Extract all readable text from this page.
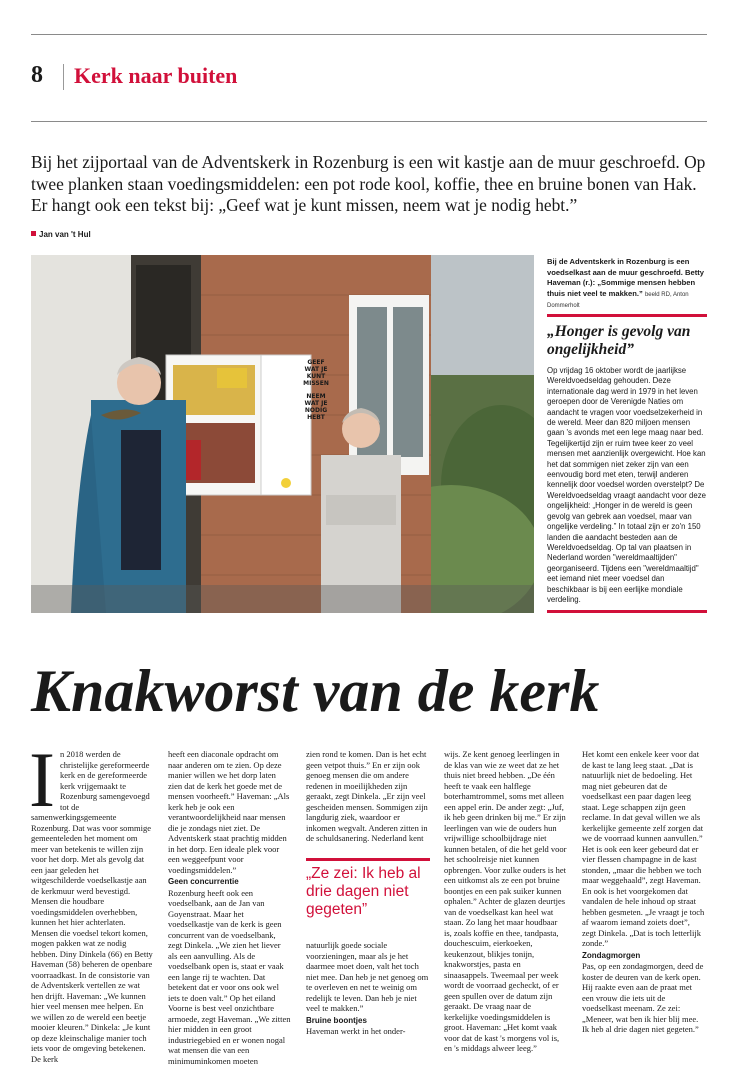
8 Kerk naar buiten

Bij het zijportaal van de Adventskerk in Rozenburg is een wit kastje aan de muur geschroefd. Op twee planken staan voedingsmiddelen: een pot rode kool, koffie, thee en bruine bonen van Hak. Er hangt ook een tekst bij: „Geef wat je kunt missen, neem wat je nodig hebt.”

Jan van 't Hul
GEEF
WAT JE
KUNT
MISSEN
NEEM
WAT JE
NODIG
HEBT
Bij de Adventskerk in Rozenburg is een voedselkast aan de muur geschroefd. Betty Haveman (r.): „Sommige mensen hebben thuis niet veel te makken.” beeld RD, Anton Dommerholt
„Honger is gevolg van ongelijkheid”

Op vrijdag 16 oktober wordt de jaarlijkse Wereldvoedseldag gehouden. Deze internationale dag werd in 1979 in het leven geroepen door de Verenigde Naties om aandacht te vragen voor voedselzekerheid in de wereld. Meer dan 820 miljoen mensen gaan 's avonds met een lege maag naar bed. Tegelijkertijd zijn er ruim twee keer zo veel mensen met aanzienlijk overgewicht. Hoe kan het dat sommigen niet zeker zijn van een eenvoudig bord met eten, terwijl anderen kennelijk door voedsel worden overstelpt? De Wereldvoedseldag vraagt aandacht voor deze ongelijkheid: „Honger in de wereld is geen gevolg van gebrek aan voedsel, maar van ongelijke verdeling.” In totaal zijn er zo'n 150 landen die aandacht besteden aan de Wereldvoedseldag. Op tal van plaatsen in Nederland worden "wereldmaaltijden" georganiseerd. Tijdens een "wereldmaaltijd" eet iemand niet meer voedsel dan beschikbaar is bij een eerlijke mondiale verdeling.

Knakworst van de kerk
I n 2018 werden de christelijke gereformeerde kerk en de gereformeerde kerk vrijgemaakt te Rozenburg samengevoegd tot de samenwerkingsgemeente Rozenburg. Dat was voor sommige gemeenteleden het moment om meer van betekenis te willen zijn voor het dorp. Met als gevolg dat een jaar geleden het witgeschilderde voedselkastje aan de kerkmuur werd bevestigd. Mensen die houdbare voedingsmiddelen overhebben, kunnen het hier achterlaten. Mensen die voedsel tekort komen, mogen pakken wat ze nodig hebben. Diny Dinkela (66) en Betty Haveman (58) beheren de openbare voorraadkast. In de consistorie van de Adventskerk vertellen ze wat hen drijft. Haveman: „We kunnen hier veel mensen mee helpen. En we willen zo de wereld een beetje mooier kleuren.” Dinkela: „Je kunt op deze kleinschalige manier toch iets voor de omgeving betekenen. De kerk

heeft een diaconale opdracht om naar anderen om te zien. Op deze manier willen we het dorp laten zien dat de kerk het goede met de mensen voorheeft.” Haveman: „Als kerk heb je ook een verantwoordelijkheid naar mensen die je zondags niet ziet. De Adventskerk staat prachtig midden in het dorp. Een ideale plek voor een weggeefpunt voor voedingsmiddelen.”

Geen concurrentie

Rozenburg heeft ook een voedselbank, aan de Jan van Goyenstraat. Maar het voedselkastje van de kerk is geen concurrent van de voedselbank, zegt Dinkela. „We zien het liever als een aanvulling. Als de voedselbank open is, staat er vaak een lange rij te wachten. Dat betekent dat er voor ons ook wel iets te doen valt.” Op het eiland Voorne is best veel onzichtbare armoede, zegt Haveman. „We zitten hier midden in een groot industriegebied en er wonen nogal wat mensen die van een minimuminkomen moeten

zien rond te komen. Dan is het echt geen vetpot thuis.” En er zijn ook genoeg mensen die om andere redenen in moeilijkheden zijn geraakt, zegt Dinkela. „Er zijn veel gescheiden mensen. Sommigen zijn langdurig ziek, waardoor er inkomen wegvalt. Anderen zitten in de schuldsanering. Nederland kent

„Ze zei: Ik heb al drie dagen niet gegeten”

natuurlijk goede sociale voorzieningen, maar als je het daarmee moet doen, valt het toch niet mee. Dan heb je net genoeg om te overleven en net te weinig om redelijk te leven. Dan heb je niet veel te makken.”

Bruine boontjes

Haveman werkt in het onder-

wijs. Ze kent genoeg leerlingen in de klas van wie ze weet dat ze het thuis niet breed hebben. „De één heeft te vaak een halflege boterhamtrommel, soms met alleen een appel erin. De ander zegt: „Juf, ik heb geen drinken bij me.” Er zijn leerlingen van wie de ouders hun vrijwillige schoolbijdrage niet kunnen betalen, of die het geld voor het schoolreisje niet kunnen opbrengen. Voor zulke ouders is het een uitkomst als ze een pot bruine boontjes en een pak suiker kunnen ophalen.” Achter de glazen deurtjes van de voedselkast kan heel wat staan. Zo lang het maar houdbaar is, zoals koffie en thee, tandpasta, douchescuim, eierkoeken, keukenzout, blikjes tonijn, knakworstjes, pasta en sinaasappels. Tweemaal per week wordt de voorraad gecheckt, of er geen spullen over de datum zijn geraakt. De vraag naar de kerkelijke voedingsmiddelen is groot. Haveman: „Het komt vaak voor dat de kast 's morgens vol is, en 's middags alweer leeg.”

Het komt een enkele keer voor dat de kast te lang leeg staat. „Dat is natuurlijk niet de bedoeling. Het mag niet gebeuren dat de voedselkast een paar dagen leeg staat. Lege schappen zijn geen reclame. In dat geval willen we als kerkelijke gemeente zelf zorgen dat we de voorraad kunnen aanvullen.” Het is ook een keer gebeurd dat er vier flessen champagne in de kast stonden, „maar die hebben we toch maar weggehaald”, zegt Haveman. En ook is het voorgekomen dat vandalen de hele inhoud op straat hebben gesmeten. „Je vraagt je toch af waarom iemand zoiets doet”, zegt Dinkela. „Dat is toch letterlijk zonde.”

Zondagmorgen

Pas, op een zondagmorgen, deed de koster de deuren van de kerk open. Hij raakte even aan de praat met een vrouw die iets uit de voedselkast meenam. Ze zei: „Meneer, wat ben ik hier blij mee. Ik heb al drie dagen niet gegeten.”
